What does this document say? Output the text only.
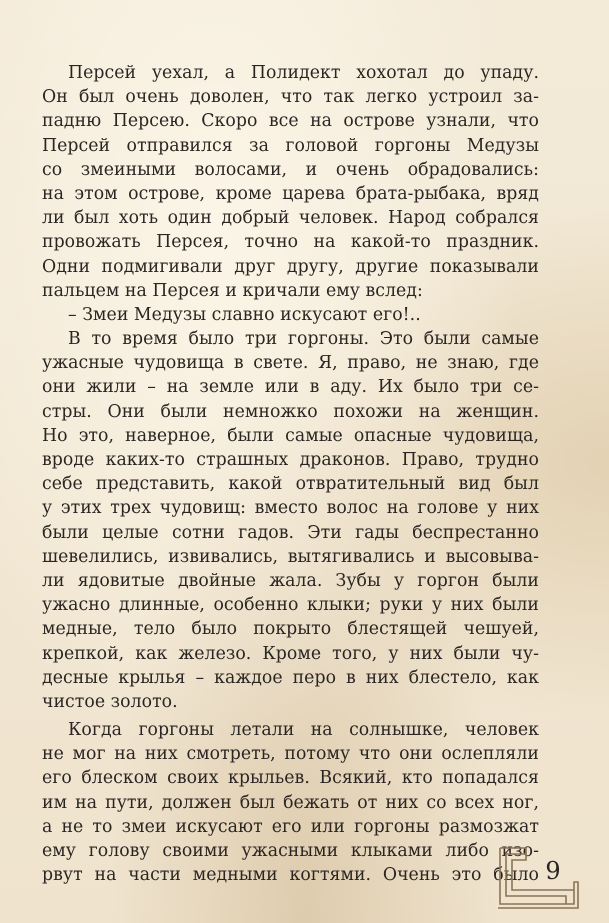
Персей уехал, а Полидект хохотал до упаду.
Он был очень доволен, что так легко устроил за-
падню Персею. Скоро все на острове узнали, что
Персей отправился за головой горгоны Медузы
со змеиными волосами, и очень обрадовались:
на этом острове, кроме царева брата-рыбака, вряд
ли был хоть один добрый человек. Народ собрался
провожать Персея, точно на какой-то праздник.
Одни подмигивали друг другу, другие показывали
пальцем на Персея и кричали ему вслед:

– Змеи Медузы славно искусают его!..

В то время было три горгоны. Это были самые
ужасные чудовища в свете. Я, право, не знаю, где
они жили – на земле или в аду. Их было три се-
стры. Они были немножко похожи на женщин.
Но это, наверное, были самые опасные чудовища,
вроде каких-то страшных драконов. Право, трудно
себе представить, какой отвратительный вид был
у этих трех чудовищ: вместо волос на голове у них
были целые сотни гадов. Эти гады беспрестанно
шевелились, извивались, вытягивались и высовыва-
ли ядовитые двойные жала. Зубы у горгон были
ужасно длинные, особенно клыки; руки у них были
медные, тело было покрыто блестящей чешуей,
крепкой, как железо. Кроме того, у них были чу-
десные крылья – каждое перо в них блестело, как
чистое золото.

Когда горгоны летали на солнышке, человек
не мог на них смотреть, потому что они ослепляли
его блеском своих крыльев. Всякий, кто попадался
им на пути, должен был бежать от них со всех ног,
а не то змеи искусают его или горгоны размозжат
ему голову своими ужасными клыками либо изо-
рвут на части медными когтями. Очень это было 9
